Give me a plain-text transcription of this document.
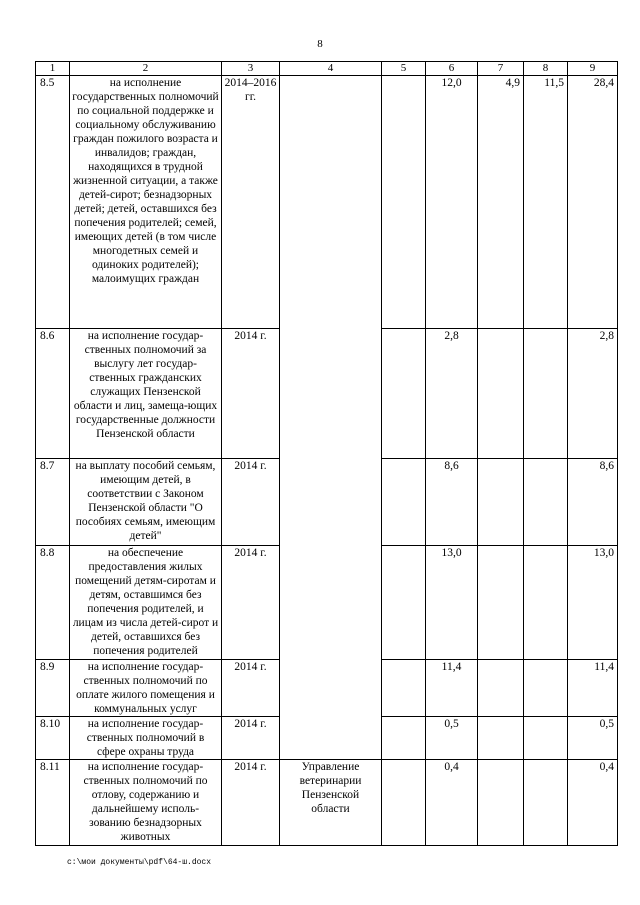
8
1	2	3	4	5	6	7	8	9
8.5	на исполнение государственных полномочий по социальной поддержке и социальному обслуживанию граждан пожилого возраста и инвалидов; граждан, находящихся в трудной жизненной ситуации, а также детей-сирот; безнадзорных детей; детей, оставшихся без попечения родителей; семей, имеющих детей (в том числе многодетных семей и одиноких родителей); малоимущих граждан	2014–2016 гг.			12,0	4,9	11,5	28,4
8.6	на исполнение государ-ственных полномочий за выслугу лет государ-ственных гражданских служащих Пензенской области и лиц, замеща-ющих государственные должности Пензенской области	2014 г.			2,8			2,8
8.7	на выплату пособий семьям, имеющим детей, в соответствии с Законом Пензенской области "О пособиях семьям, имеющим детей"	2014 г.			8,6			8,6
8.8	на обеспечение предоставления жилых помещений детям-сиротам и детям, оставшимся без попечения родителей, и лицам из числа детей-сирот и детей, оставшихся без попечения родителей	2014 г.			13,0			13,0
8.9	на исполнение государ-ственных полномочий по оплате жилого помещения и коммунальных услуг	2014 г.			11,4			11,4
8.10	на исполнение государ-ственных полномочий в сфере охраны труда	2014 г.			0,5			0,5
8.11	на исполнение государ-ственных полномочий по отлову, содержанию и дальнейшему исполь-зованию безнадзорных животных	2014 г.	Управление ветеринарии Пензенской области		0,4			0,4
c:\мои документы\pdf\64-ш.docx
